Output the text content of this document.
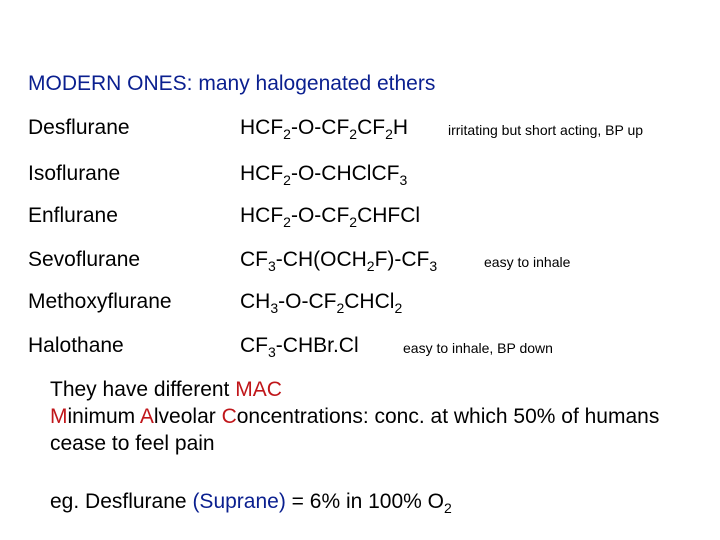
MODERN ONES: many halogenated ethers
Desflurane	$HCF_2-O-CF_2CF_2H$	irritating but short acting, BP up
Isoflurane	$HCF_2-O-CHClCF_3$
Enflurane	$HCF_2-O-CF_2CHFCl$
Sevoflurane	$CF_3-CH(OCH_2F)-CF_3$	easy to inhale
Methoxyflurane	$CH_3-O-CF_2CHCl_2$
Halothane	$CF_3-CHBr.Cl$	easy to inhale, BP down
They have different MAC
Minimum Alveolar Concentrations: conc. at which 50% of humans cease to feel pain
eg. Desflurane (Suprane) = 6% in 100% $O_2$
